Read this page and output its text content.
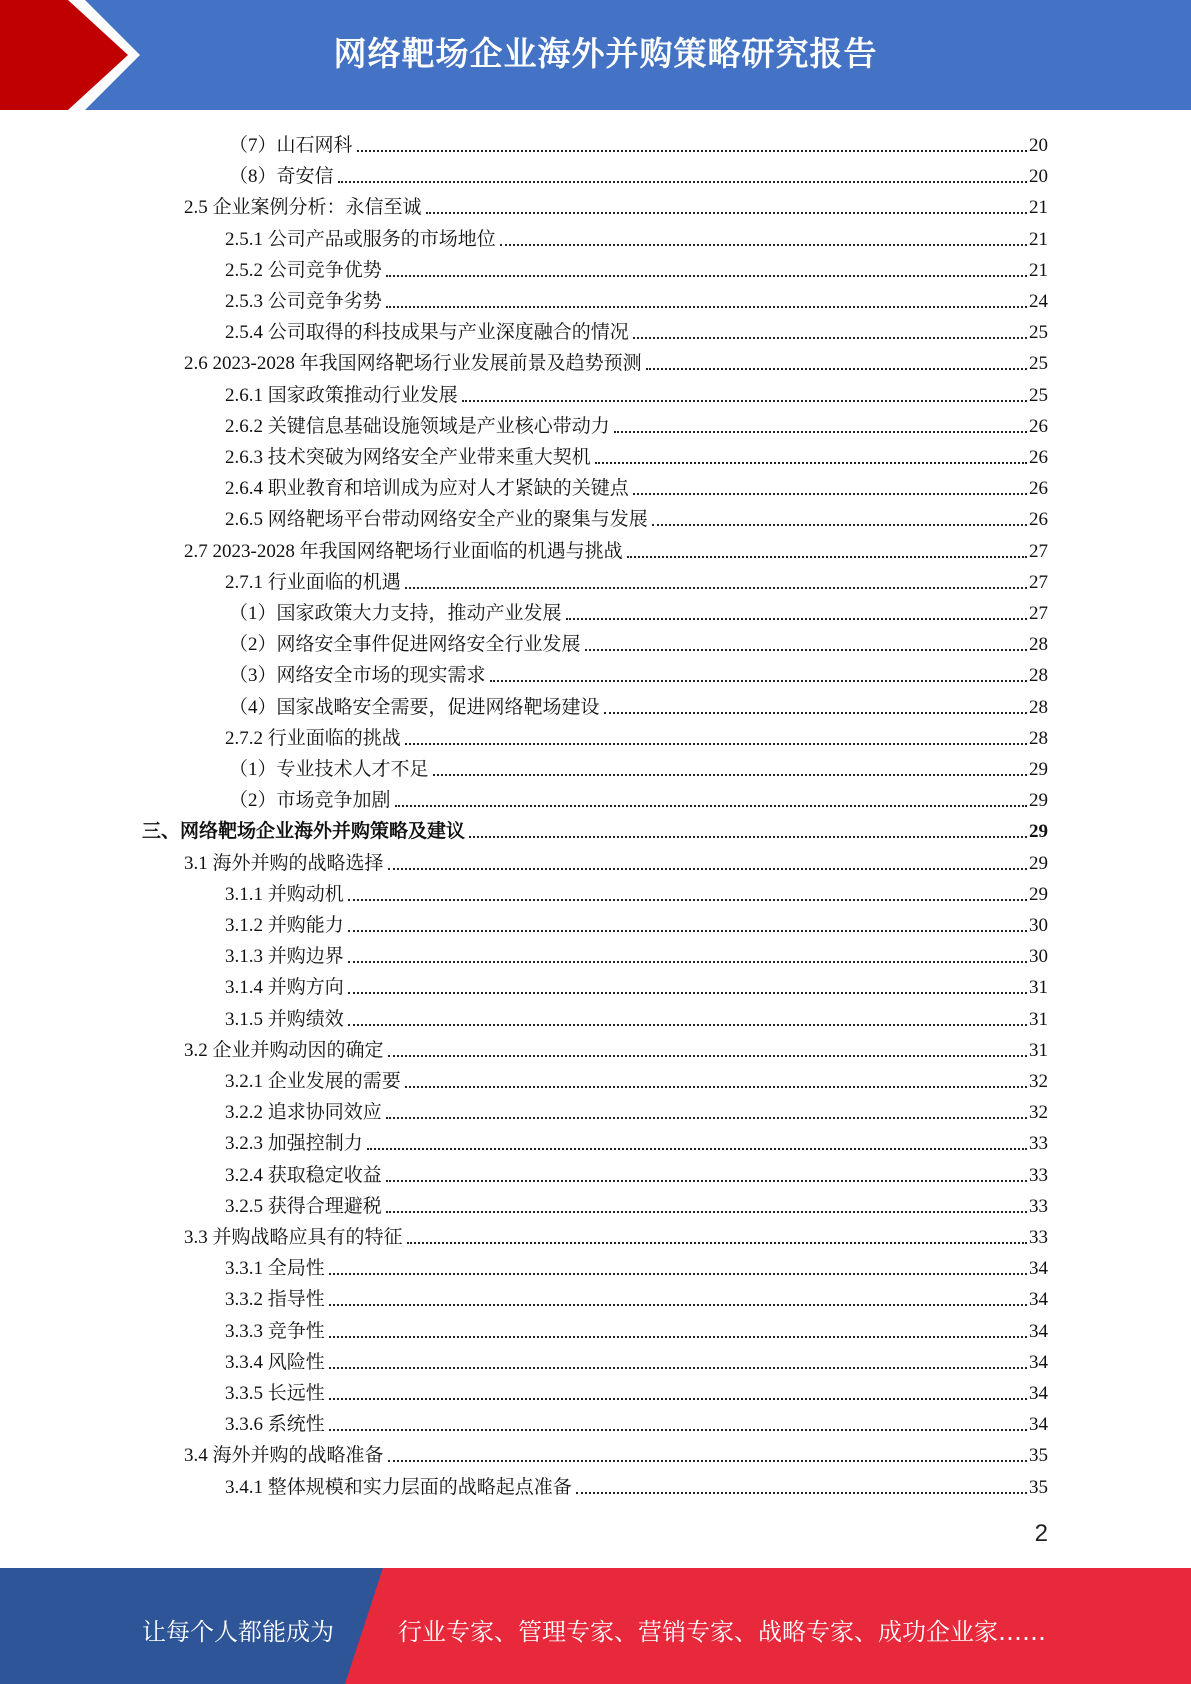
网络靶场企业海外并购策略研究报告
（7）山石网科	20
（8）奇安信	20
2.5 企业案例分析：永信至诚	21
2.5.1 公司产品或服务的市场地位	21
2.5.2 公司竞争优势	21
2.5.3 公司竞争劣势	24
2.5.4 公司取得的科技成果与产业深度融合的情况	25
2.6 2023-2028 年我国网络靶场行业发展前景及趋势预测	25
2.6.1 国家政策推动行业发展	25
2.6.2 关键信息基础设施领域是产业核心带动力	26
2.6.3 技术突破为网络安全产业带来重大契机	26
2.6.4 职业教育和培训成为应对人才紧缺的关键点	26
2.6.5 网络靶场平台带动网络安全产业的聚集与发展	26
2.7 2023-2028 年我国网络靶场行业面临的机遇与挑战	27
2.7.1 行业面临的机遇	27
（1）国家政策大力支持，推动产业发展	27
（2）网络安全事件促进网络安全行业发展	28
（3）网络安全市场的现实需求	28
（4）国家战略安全需要，促进网络靶场建设	28
2.7.2 行业面临的挑战	28
（1）专业技术人才不足	29
（2）市场竞争加剧	29
三、网络靶场企业海外并购策略及建议	29
3.1 海外并购的战略选择	29
3.1.1 并购动机	29
3.1.2 并购能力	30
3.1.3 并购边界	30
3.1.4 并购方向	31
3.1.5 并购绩效	31
3.2 企业并购动因的确定	31
3.2.1 企业发展的需要	32
3.2.2 追求协同效应	32
3.2.3 加强控制力	33
3.2.4 获取稳定收益	33
3.2.5 获得合理避税	33
3.3 并购战略应具有的特征	33
3.3.1 全局性	34
3.3.2 指导性	34
3.3.3 竞争性	34
3.3.4 风险性	34
3.3.5 长远性	34
3.3.6 系统性	34
3.4 海外并购的战略准备	35
3.4.1 整体规模和实力层面的战略起点准备	35
2
让每个人都能成为	行业专家、管理专家、营销专家、战略专家、成功企业家……
